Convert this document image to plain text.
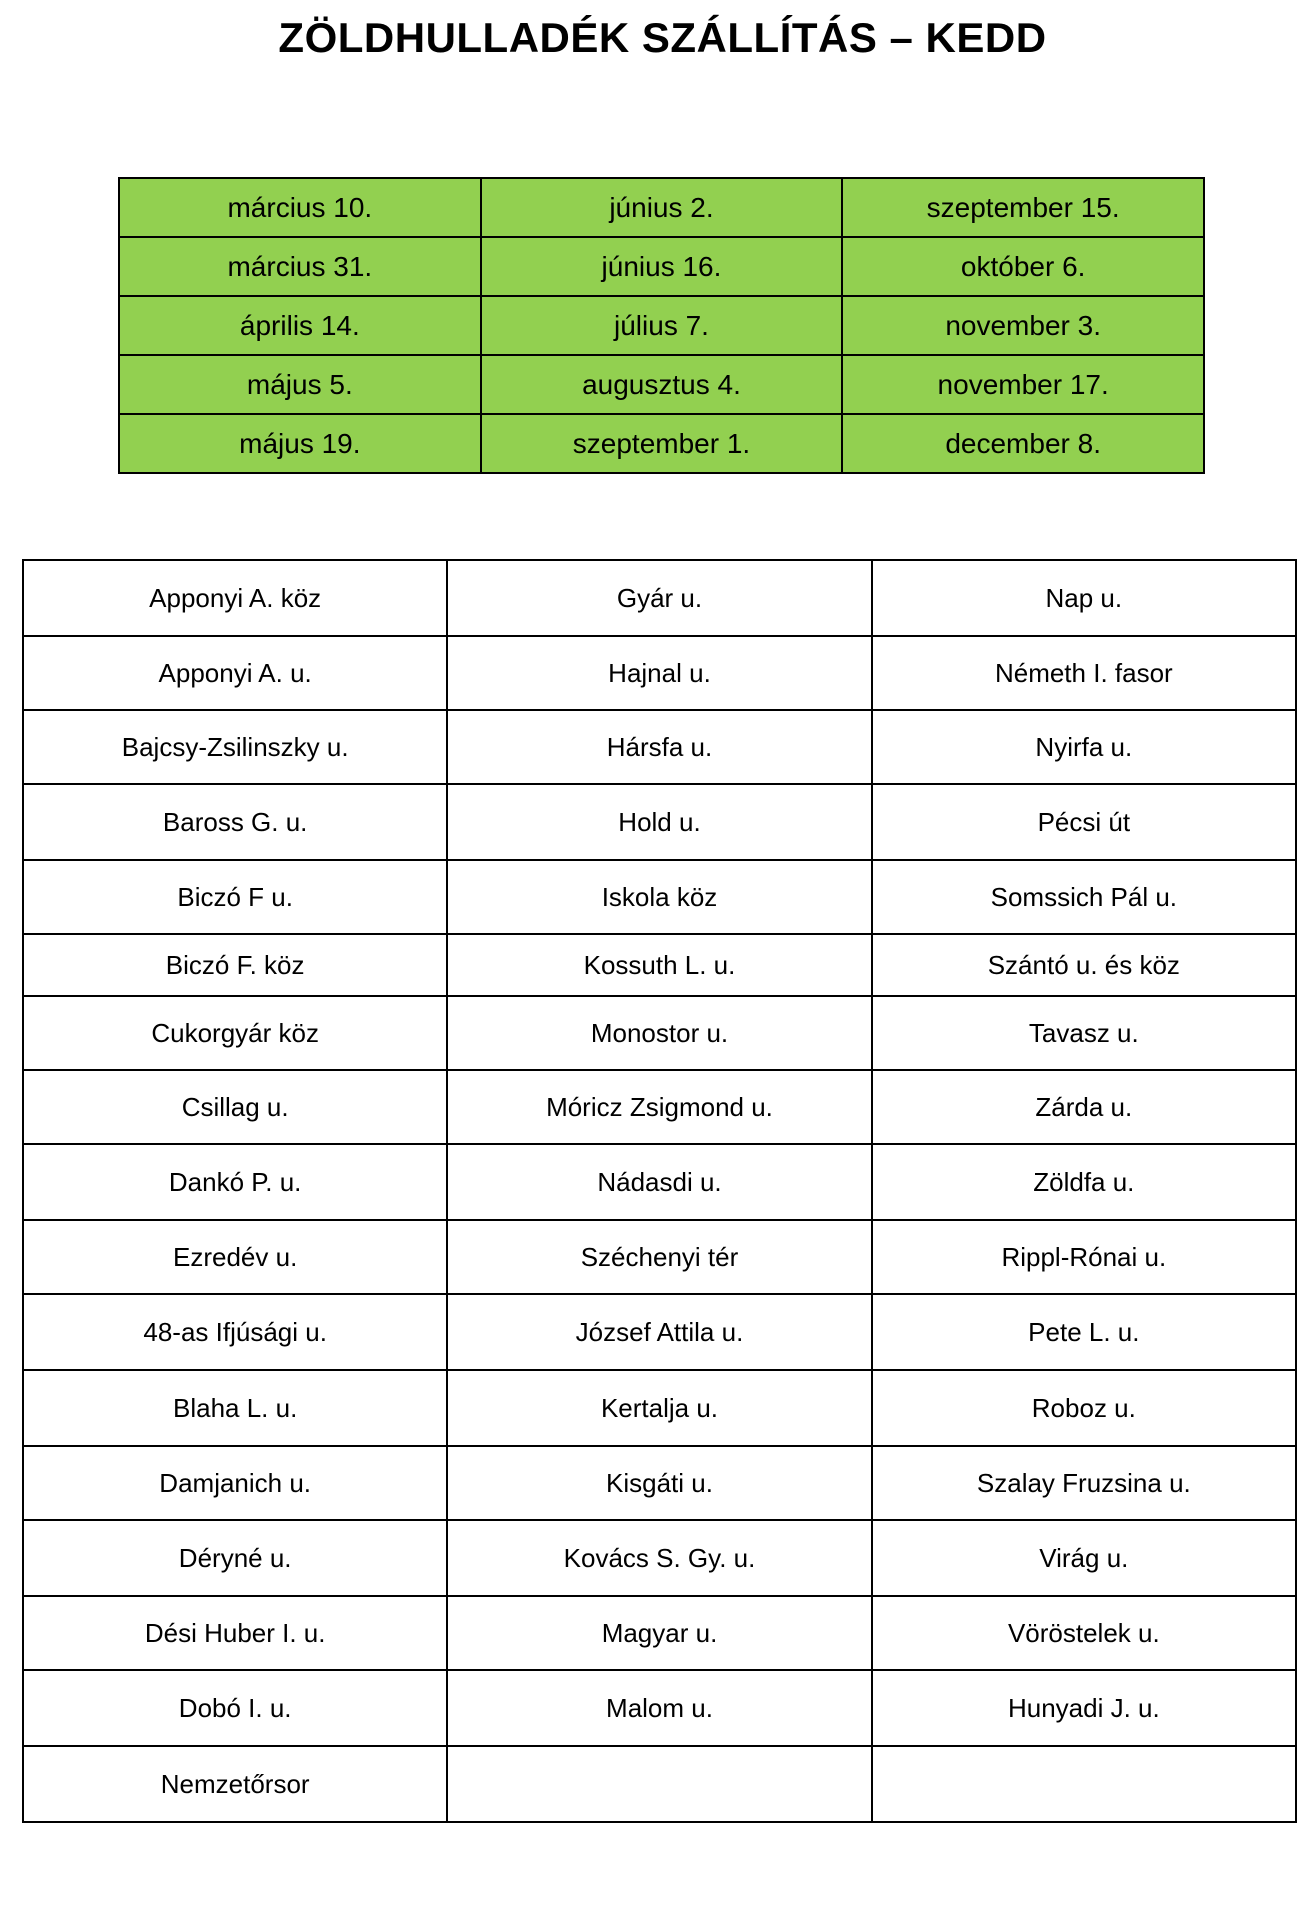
ZÖLDHULLADÉK SZÁLLÍTÁS – KEDD
március 10.	június 2.	szeptember 15.
március 31.	június 16.	október 6.
április 14.	július 7.	november 3.
május 5.	augusztus 4.	november 17.
május 19.	szeptember 1.	december 8.
Apponyi A. köz	Gyár u.	Nap u.
Apponyi A. u.	Hajnal u.	Németh I. fasor
Bajcsy-Zsilinszky u.	Hársfa u.	Nyirfa u.
Baross G. u.	Hold u.	Pécsi út
Biczó F u.	Iskola köz	Somssich Pál u.
Biczó F. köz	Kossuth L. u.	Szántó u. és köz
Cukorgyár köz	Monostor u.	Tavasz u.
Csillag u.	Móricz Zsigmond u.	Zárda u.
Dankó P. u.	Nádasdi u.	Zöldfa u.
Ezredév u.	Széchenyi tér	Rippl-Rónai u.
48-as Ifjúsági u.	József Attila u.	Pete L. u.
Blaha L. u.	Kertalja u.	Roboz u.
Damjanich u.	Kisgáti u.	Szalay Fruzsina u.
Déryné u.	Kovács S. Gy. u.	Virág u.
Dési Huber I. u.	Magyar u.	Vöröstelek u.
Dobó I. u.	Malom u.	Hunyadi J. u.
Nemzetőrsor		
